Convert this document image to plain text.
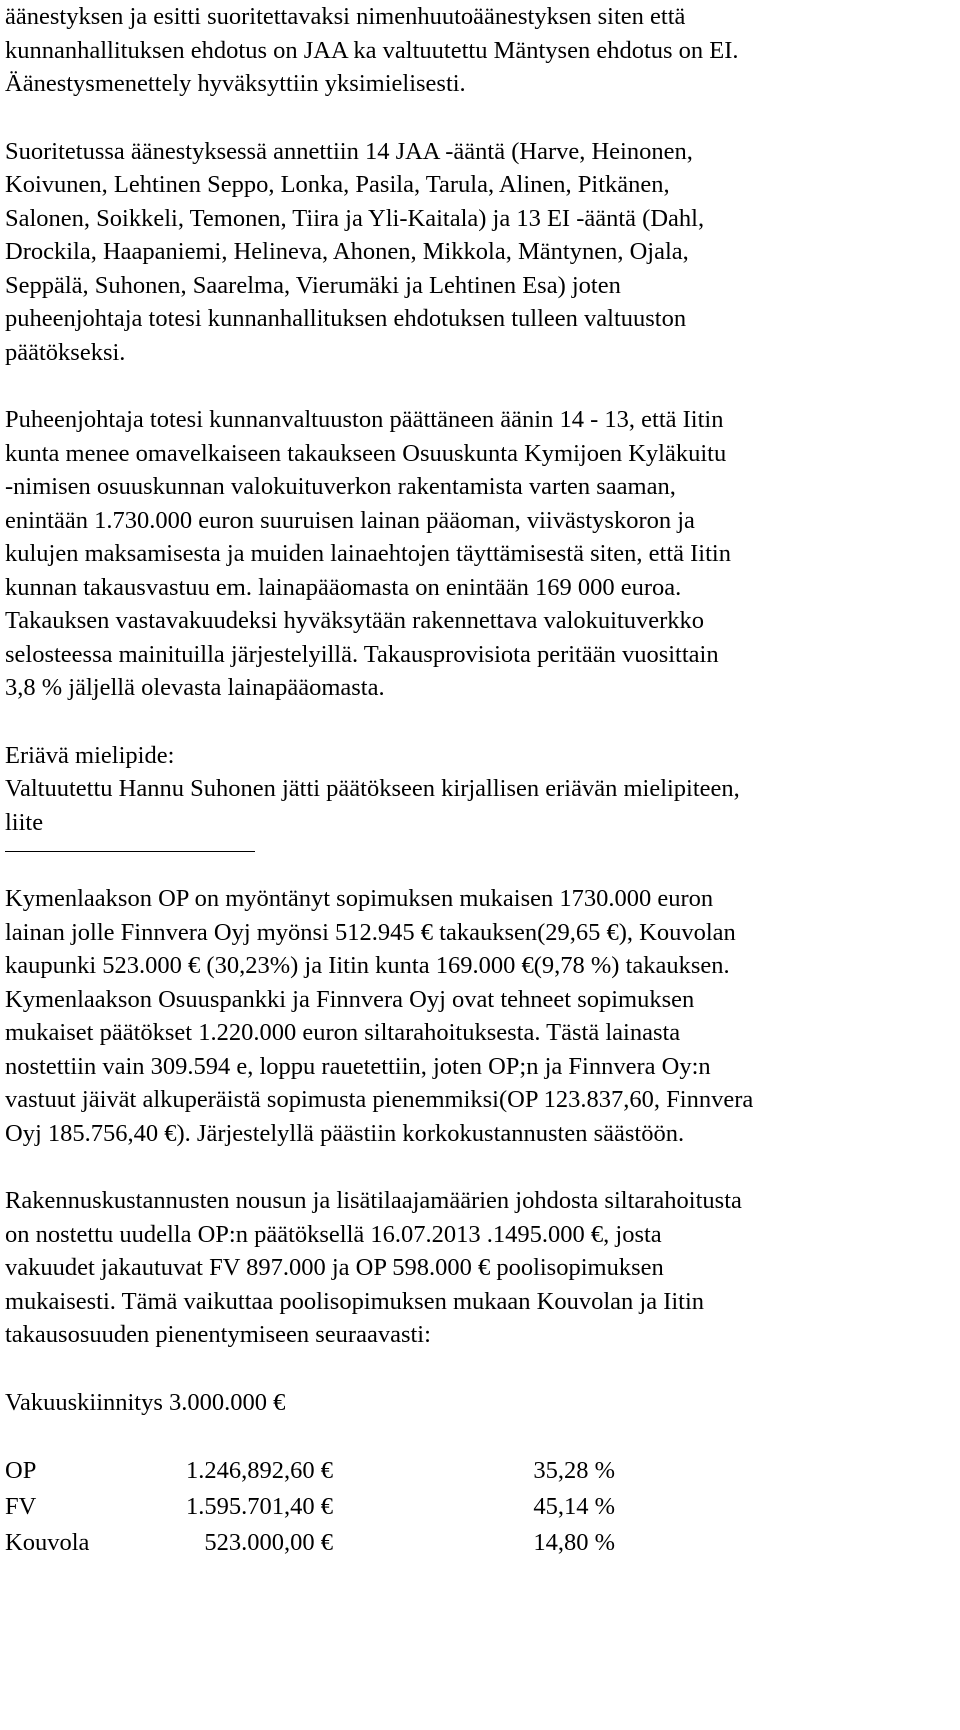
äänestyksen ja esitti suoritettavaksi nimenhuutoäänestyksen siten että
kunnanhallituksen ehdotus on JAA ka valtuutettu Mäntysen ehdotus on EI.
Äänestysmenettely hyväksyttiin yksimielisesti.
Suoritetussa äänestyksessä annettiin 14 JAA -ääntä (Harve, Heinonen,
Koivunen, Lehtinen Seppo, Lonka, Pasila, Tarula, Alinen, Pitkänen,
Salonen, Soikkeli, Temonen, Tiira ja Yli-Kaitala) ja 13 EI -ääntä (Dahl,
Drockila, Haapaniemi, Helineva, Ahonen, Mikkola, Mäntynen, Ojala,
Seppälä, Suhonen, Saarelma, Vierumäki ja Lehtinen Esa) joten
puheenjohtaja totesi kunnanhallituksen ehdotuksen tulleen valtuuston
päätökseksi.
Puheenjohtaja totesi kunnanvaltuuston päättäneen äänin 14 - 13, että Iitin
kunta menee omavelkaiseen takaukseen Osuuskunta Kymijoen Kyläkuitu
-nimisen osuuskunnan valokuituverkon rakentamista varten saaman,
enintään 1.730.000 euron suuruisen lainan pääoman, viivästyskoron ja
kulujen maksamisesta ja muiden lainaehtojen täyttämisestä siten, että Iitin
kunnan takausvastuu em. lainapääomasta on enintään 169 000 euroa.
Takauksen vastavakuudeksi hyväksytään rakennettava valokuituverkko
selosteessa mainituilla järjestelyillä. Takausprovisiota peritään vuosittain
3,8 % jäljellä olevasta lainapääomasta.
Eriävä mielipide:
Valtuutettu Hannu Suhonen jätti päätökseen kirjallisen eriävän mielipiteen,
liite
Kymenlaakson OP on myöntänyt sopimuksen mukaisen 1730.000 euron
lainan jolle Finnvera Oyj myönsi 512.945 € takauksen(29,65 €), Kouvolan
kaupunki 523.000 € (30,23%) ja Iitin kunta 169.000 €(9,78 %) takauksen.
Kymenlaakson Osuuspankki ja Finnvera Oyj ovat tehneet sopimuksen
mukaiset päätökset 1.220.000 euron siltarahoituksesta. Tästä lainasta
nostettiin vain 309.594 e, loppu rauetettiin, joten OP;n ja Finnvera Oy:n
vastuut jäivät alkuperäistä sopimusta pienemmiksi(OP 123.837,60, Finnvera
Oyj 185.756,40 €). Järjestelyllä päästiin korkokustannusten säästöön.
Rakennuskustannusten nousun ja lisätilaajamäärien johdosta siltarahoitusta
on nostettu uudella OP:n päätöksellä 16.07.2013 .1495.000 €, josta
vakuudet jakautuvat FV 897.000 ja OP 598.000 € poolisopimuksen
mukaisesti. Tämä vaikuttaa poolisopimuksen mukaan Kouvolan ja Iitin
takausosuuden pienentymiseen seuraavasti:
Vakuuskiinnitys 3.000.000 €
OP	1.246,892,60 €	35,28 %
FV	1.595.701,40 €	45,14 %
Kouvola	523.000,00 €	14,80 %
